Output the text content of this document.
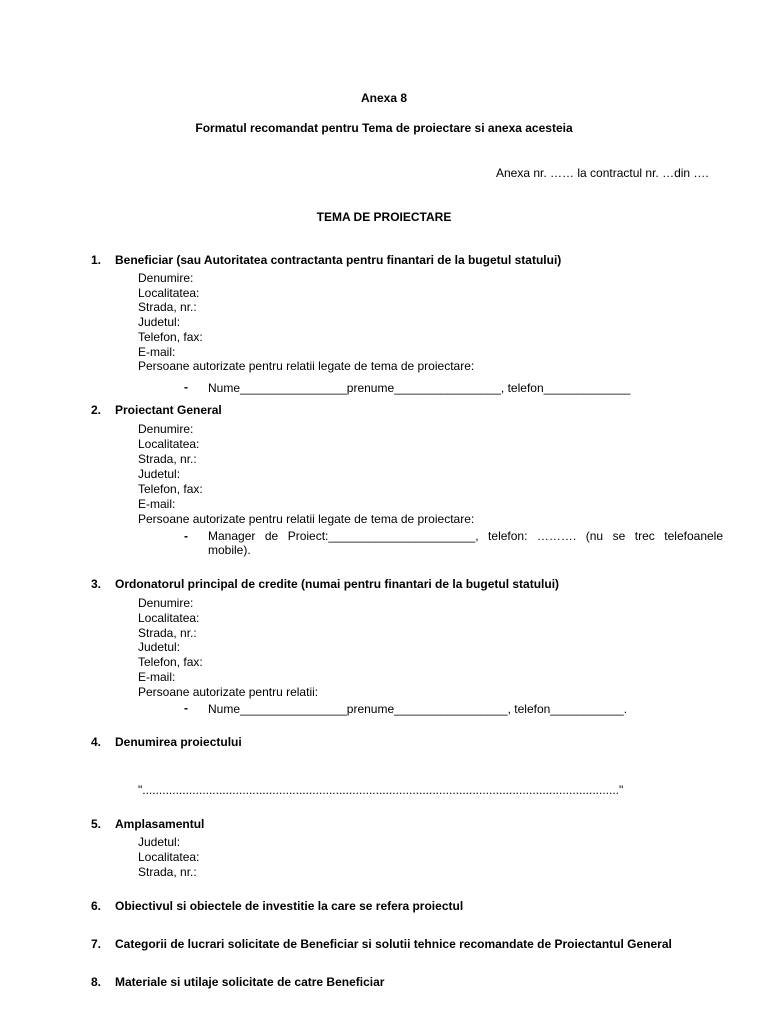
Anexa 8
Formatul recomandat pentru Tema de proiectare si anexa acesteia
Anexa nr. …… la contractul nr. …din ….
TEMA DE PROIECTARE
1. Beneficiar (sau Autoritatea contractanta pentru finantari de la bugetul statului)
Denumire:
Localitatea:
Strada, nr.:
Judetul:
Telefon, fax:
E-mail:
Persoane autorizate pentru relatii legate de tema de proiectare:
- Nume________________prenume________________, telefon_____________
2. Proiectant General
Denumire:
Localitatea:
Strada, nr.:
Judetul:
Telefon, fax:
E-mail:
Persoane autorizate pentru relatii legate de tema de proiectare:
- Manager de Proiect:______________________, telefon: ………. (nu se trec telefoanele
mobile).
3. Ordonatorul principal de credite (numai pentru finantari de la bugetul statului)
Denumire:
Localitatea:
Strada, nr.:
Judetul:
Telefon, fax:
E-mail:
Persoane autorizate pentru relatii:
- Nume________________prenume_________________, telefon___________.
4. Denumirea proiectului
"..............................................................................................................................................."
5. Amplasamentul
Judetul:
Localitatea:
Strada, nr.:
6. Obiectivul si obiectele de investitie la care se refera proiectul
7. Categorii de lucrari solicitate de Beneficiar si solutii tehnice recomandate de Proiectantul General
8. Materiale si utilaje solicitate de catre Beneficiar
